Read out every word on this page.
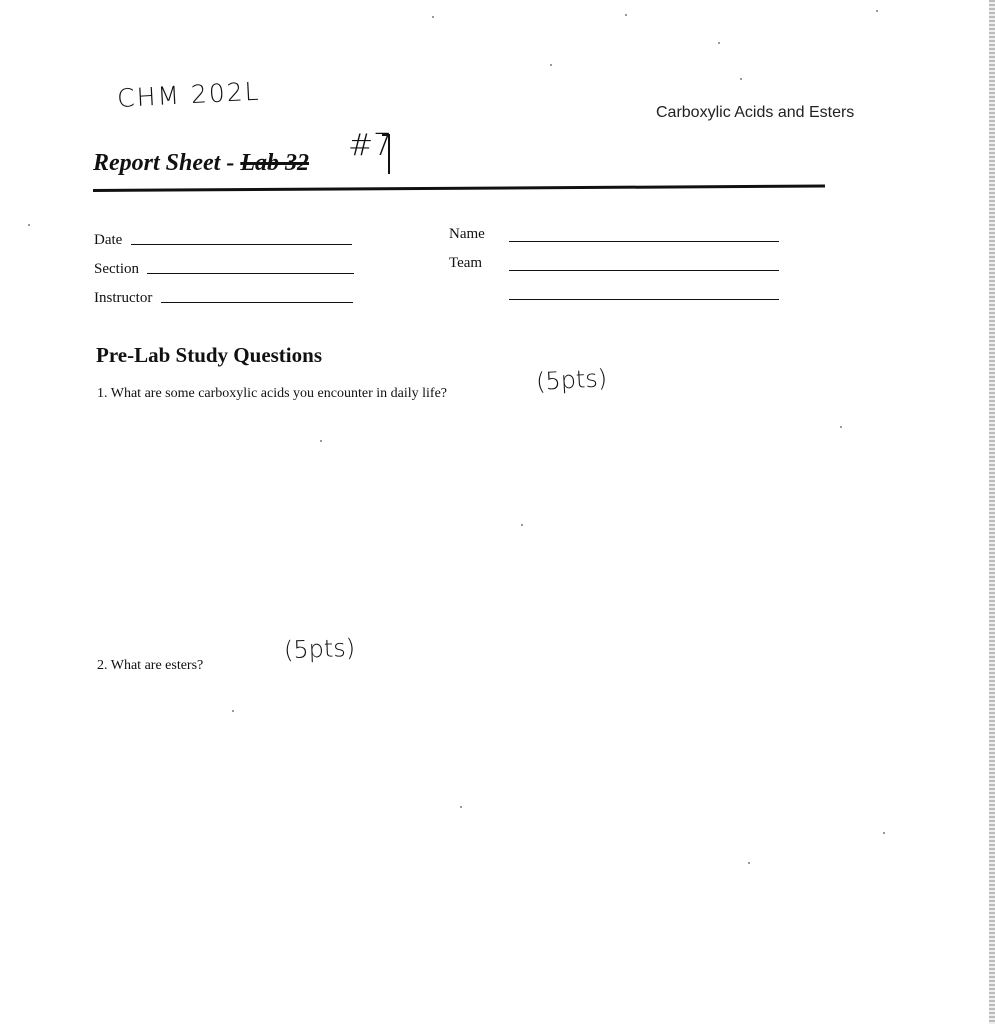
CHM 202L	Carboxylic Acids and Esters
Report Sheet - Lab 32 #7
Date
Section
Instructor
Name
Team
Pre-Lab Study Questions
1. What are some carboxylic acids you encounter in daily life?	(5pts)
2. What are esters?
(5pts)
